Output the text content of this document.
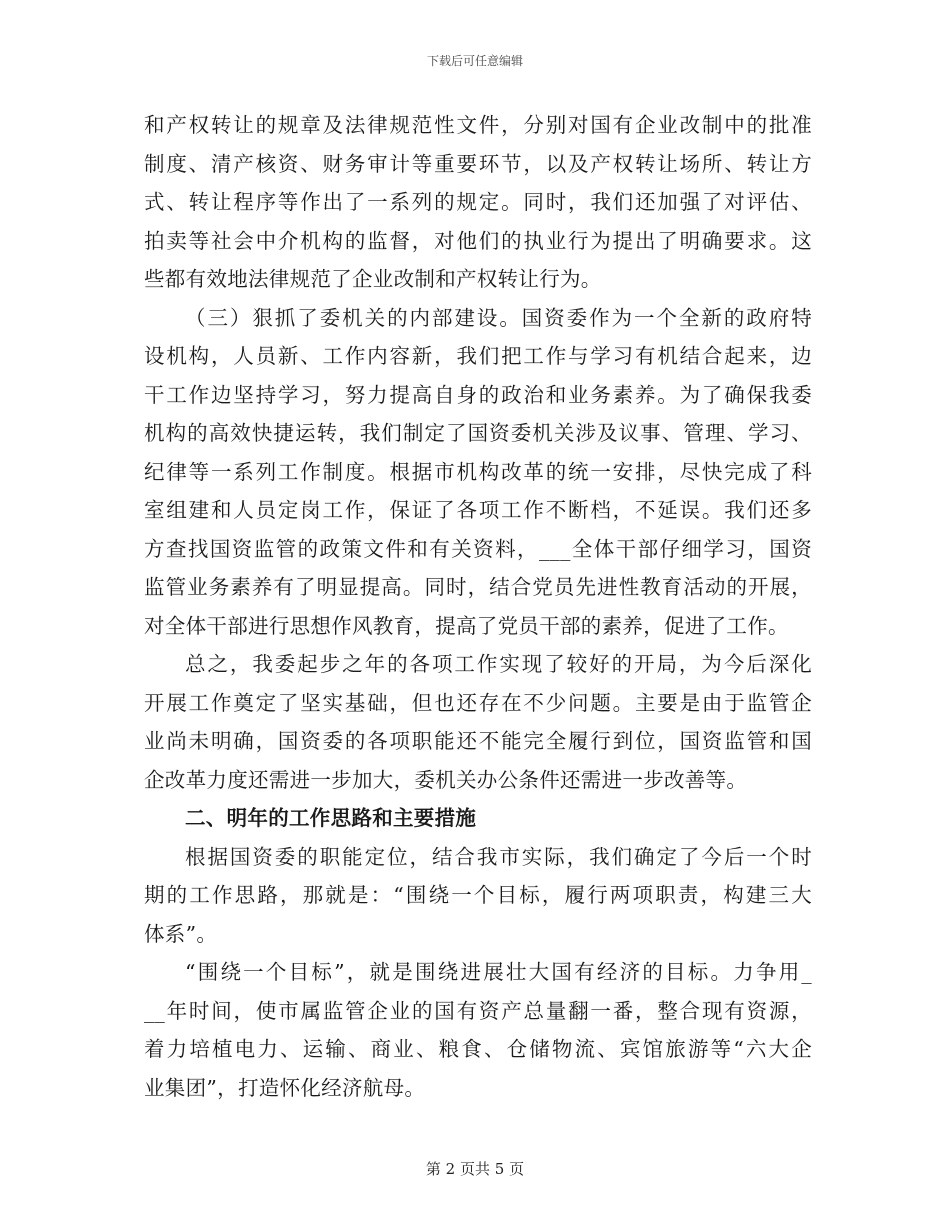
下载后可任意编辑
和产权转让的规章及法律规范性文件，分别对国有企业改制中的批准
制度、清产核资、财务审计等重要环节，以及产权转让场所、转让方
式、转让程序等作出了一系列的规定。同时，我们还加强了对评估、
拍卖等社会中介机构的监督，对他们的执业行为提出了明确要求。这
些都有效地法律规范了企业改制和产权转让行为。
（三）狠抓了委机关的内部建设。国资委作为一个全新的政府特
设机构，人员新、工作内容新，我们把工作与学习有机结合起来，边
干工作边坚持学习，努力提高自身的政治和业务素养。为了确保我委
机构的高效快捷运转，我们制定了国资委机关涉及议事、管理、学习、
纪律等一系列工作制度。根据市机构改革的统一安排，尽快完成了科
室组建和人员定岗工作，保证了各项工作不断档，不延误。我们还多
方查找国资监管的政策文件和有关资料，___全体干部仔细学习，国资
监管业务素养有了明显提高。同时，结合党员先进性教育活动的开展，
对全体干部进行思想作风教育，提高了党员干部的素养，促进了工作。
总之，我委起步之年的各项工作实现了较好的开局，为今后深化
开展工作奠定了坚实基础，但也还存在不少问题。主要是由于监管企
业尚未明确，国资委的各项职能还不能完全履行到位，国资监管和国
企改革力度还需进一步加大，委机关办公条件还需进一步改善等。
二、明年的工作思路和主要措施
根据国资委的职能定位，结合我市实际，我们确定了今后一个时
期的工作思路，那就是：“围绕一个目标，履行两项职责，构建三大
体系”。
“围绕一个目标”，就是围绕进展壮大国有经济的目标。力争用_
__年时间，使市属监管企业的国有资产总量翻一番，整合现有资源，
着力培植电力、运输、商业、粮食、仓储物流、宾馆旅游等“六大企
业集团”，打造怀化经济航母。
第 2 页共 5 页
